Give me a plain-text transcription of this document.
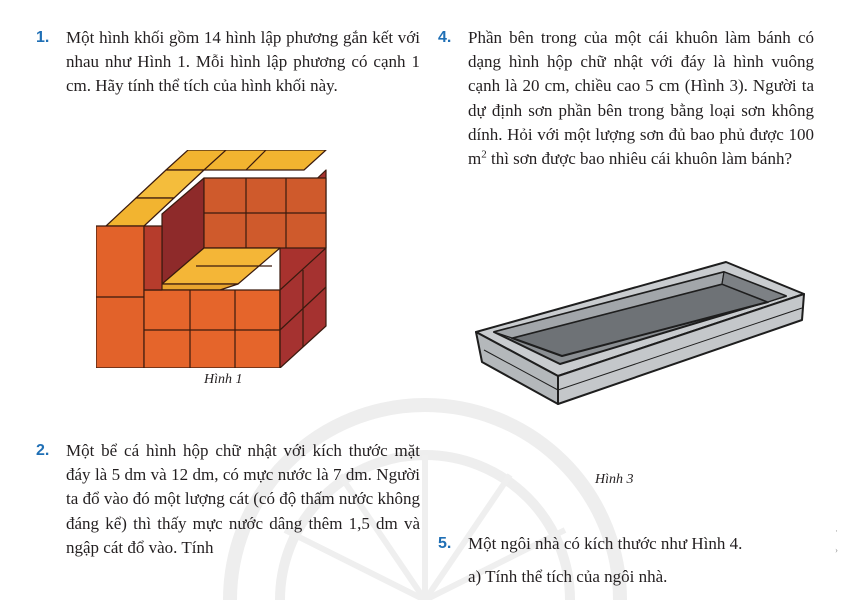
1. Một hình khối gồm 14 hình lập phương gắn kết với nhau như Hình 1. Mỗi hình lập phương có cạnh 1 cm. Hãy tính thể tích của hình khối này.
Hình 1
2. Một bể cá hình hộp chữ nhật với kích thước mặt đáy là 5 dm và 12 dm, có mực nước là 7 dm. Người ta đổ vào đó một lượng cát (có độ thấm nước không đáng kể) thì thấy mực nước dâng thêm 1,5 dm và ngập cát đổ vào. Tính
4. Phần bên trong của một cái khuôn làm bánh có dạng hình hộp chữ nhật với đáy là hình vuông cạnh là 20 cm, chiều cao 5 cm (Hình 3). Người ta dự định sơn phần bên trong bằng loại sơn không dính. Hỏi với một lượng sơn đủ bao phủ được 100 $m^2$ thì sơn được bao nhiêu cái khuôn làm bánh?
Hình 3
5. Một ngôi nhà có kích thước như Hình 4.
a) Tính thể tích của ngôi nhà.
·
›
